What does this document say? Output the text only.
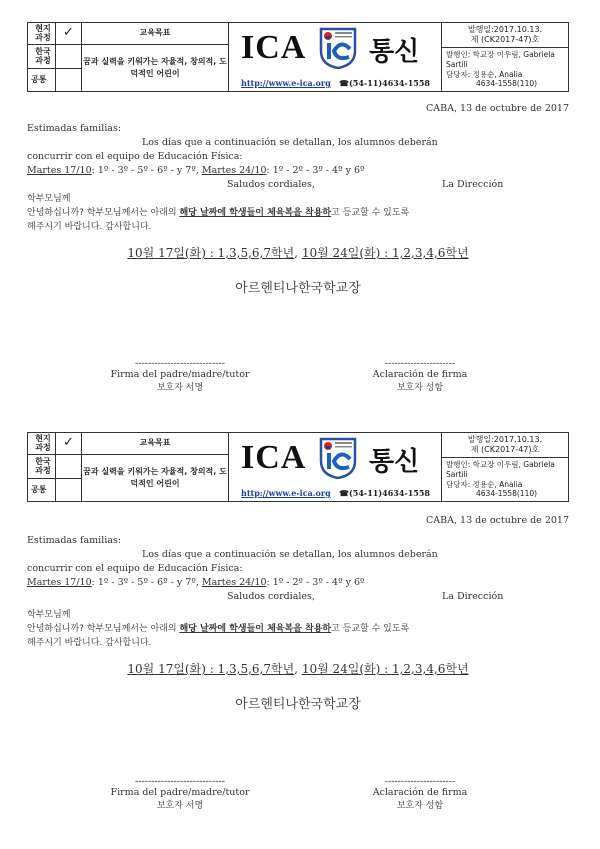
현지 과정 ✓	교육목표
한국 과정	꿈과 실력을 키워가는 자율적, 창의적, 도덕적인 어린이
공통
ICA 통신
http://www.e-ica.org ☎(54-11)4634-1558
발행일:2017.10.13.
제 (CK2017-47)호
발행인: 학교장 이우림, Gabriela Sartili
담당자: 정용순, Analia
4634-1558(110)
CABA, 13 de octubre de 2017
Estimadas familias:
Los días que a continuación se detallan, los alumnos deberán
concurrir con el equipo de Educación Física:
Martes 17/10: 1º - 3º - 5º - 6º - y 7º, Martes 24/10: 1º - 2º - 3º - 4º y 6º
Saludos cordiales,	La Dirección
학부모님께
안녕하십니까? 학부모님께서는 아래의 해당 날짜에 학생들이 체육복을 착용하고 등교할 수 있도록
해주시기 바랍니다. 감사합니다.
10월 17일(화) : 1,3,5,6,7학년, 10월 24일(화) : 1,2,3,4,6학년
아르헨티나한국학교장
----------------------------
Firma del padre/madre/tutor
보호자 서명
----------------------
Aclaración de firma
보호자 성함
현지 과정 ✓	교육목표
한국 과정	꿈과 실력을 키워가는 자율적, 창의적, 도덕적인 어린이
공통
ICA 통신
http://www.e-ica.org ☎(54-11)4634-1558
발행일:2017.10.13.
제 (CK2017-47)호
발행인: 학교장 이우림, Gabriela Sartili
담당자: 정용순, Analia
4634-1558(110)
CABA, 13 de octubre de 2017
Estimadas familias:
Los días que a continuación se detallan, los alumnos deberán
concurrir con el equipo de Educación Física:
Martes 17/10: 1º - 3º - 5º - 6º - y 7º, Martes 24/10: 1º - 2º - 3º - 4º y 6º
Saludos cordiales,	La Dirección
학부모님께
안녕하십니까? 학부모님께서는 아래의 해당 날짜에 학생들이 체육복을 착용하고 등교할 수 있도록
해주시기 바랍니다. 감사합니다.
10월 17일(화) : 1,3,5,6,7학년, 10월 24일(화) : 1,2,3,4,6학년
아르헨티나한국학교장
----------------------------
Firma del padre/madre/tutor
보호자 서명
----------------------
Aclaración de firma
보호자 성함
